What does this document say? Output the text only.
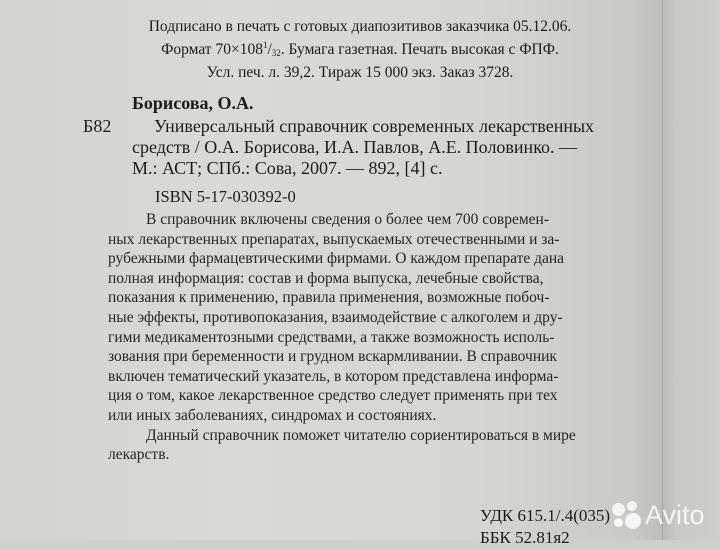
Подписано в печать с готовых диапозитивов заказчика 05.12.06.
Формат $70\times 108^1/_{32}$. Бумага газетная. Печать высокая с ФПФ.
Усл. печ. л. 39,2. Тираж 15 000 экз. Заказ 3728.
Борисова, О.А.
Б82	Универсальный справочник современных лекарственных
средств / О.А. Борисова, И.А. Павлов, А.Е. Половинко. —
М.: АСТ; СПб.: Сова, 2007. — 892, [4] с.
ISBN 5-17-030392-0
В справочник включены сведения о более чем 700 современ-
ных лекарственных препаратах, выпускаемых отечественными и за-
рубежными фармацевтическими фирмами. О каждом препарате дана
полная информация: состав и форма выпуска, лечебные свойства,
показания к применению, правила применения, возможные побоч-
ные эффекты, противопоказания, взаимодействие с алкоголем и дру-
гими медикаментозными средствами, а также возможность исполь-
зования при беременности и грудном вскармливании. В справочник
включен тематический указатель, в котором представлена информа-
ция о том, какое лекарственное средство следует применять при тех
или иных заболеваниях, синдромах и состояниях.
Данный справочник поможет читателю сориентироваться в мире
лекарств.
УДК 615.1/.4(035)
ББК 52.81я2
Avito
